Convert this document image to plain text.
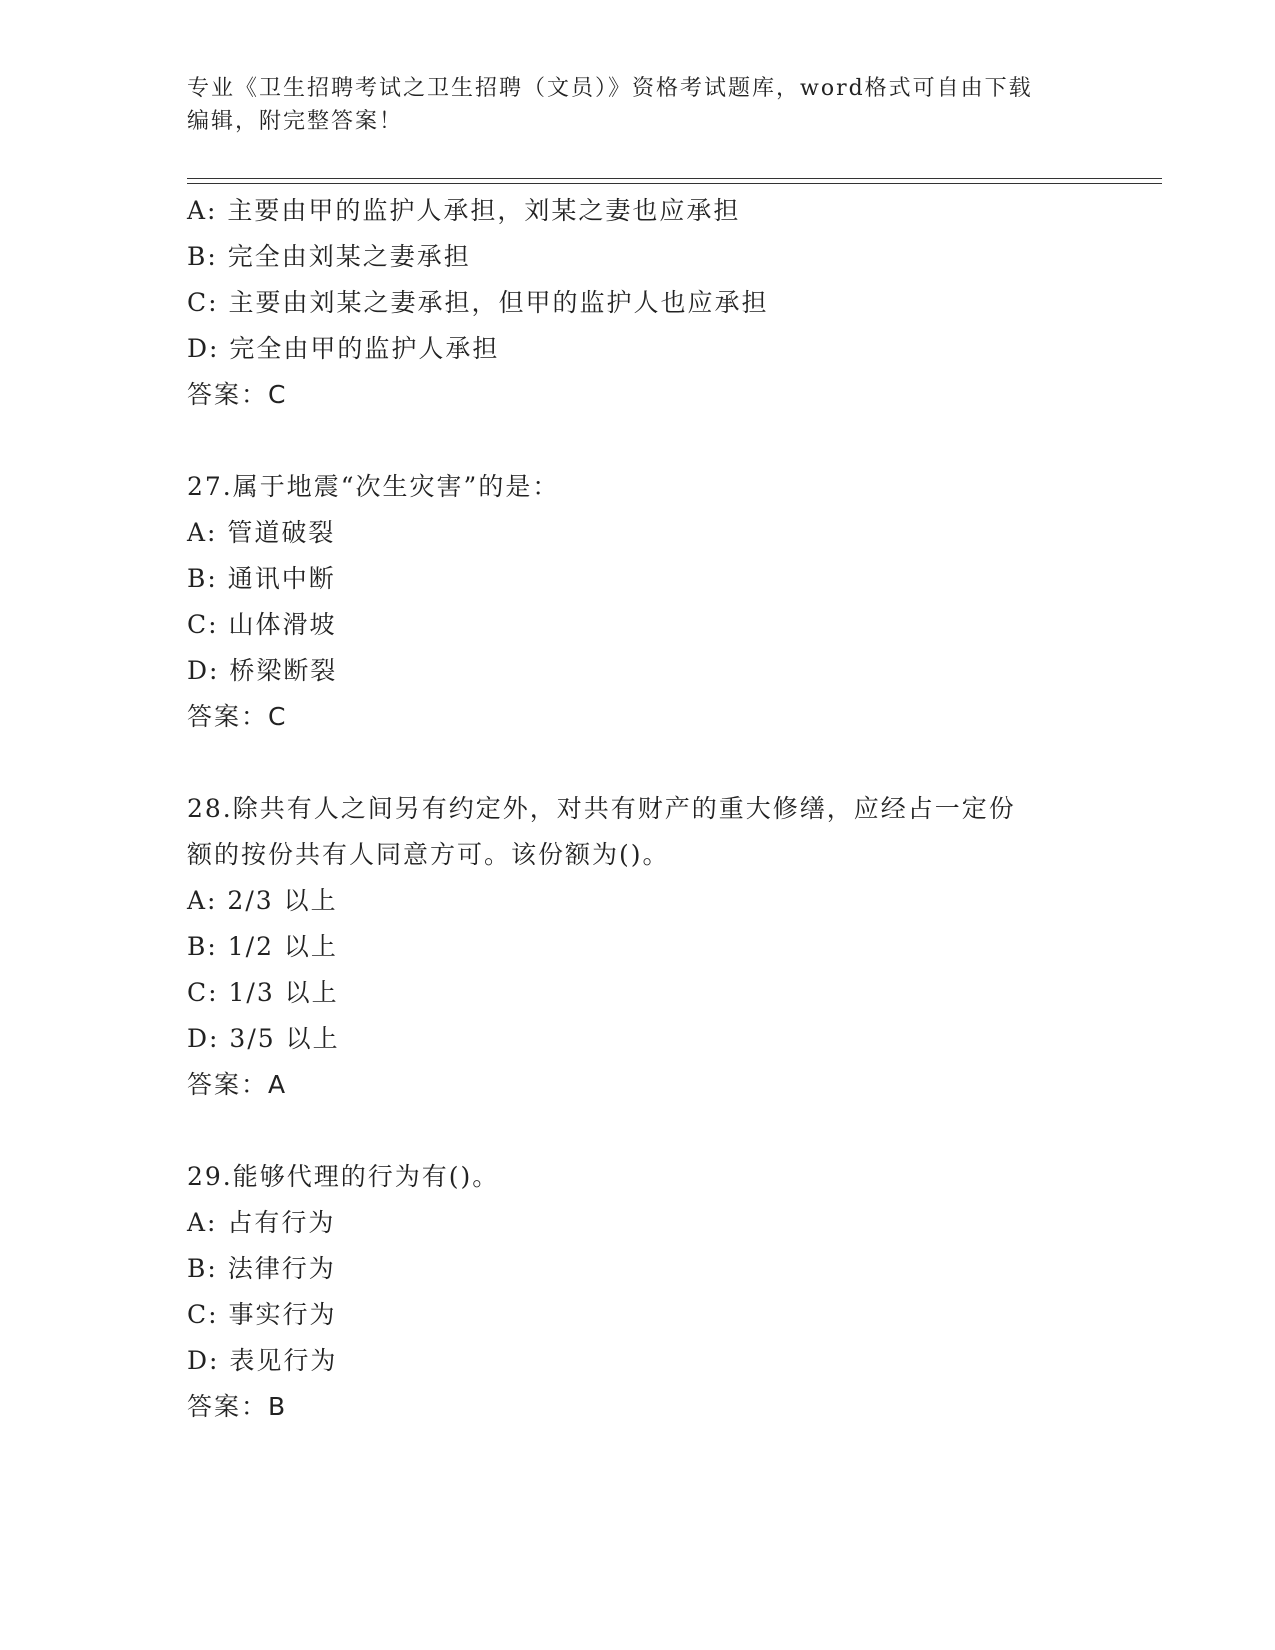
专业《卫生招聘考试之卫生招聘（文员）》资格考试题库，word格式可自由下载
编辑，附完整答案！
A: 主要由甲的监护人承担，刘某之妻也应承担
B: 完全由刘某之妻承担
C: 主要由刘某之妻承担，但甲的监护人也应承担
D: 完全由甲的监护人承担
答案：C
27.属于地震“次生灾害”的是：
A: 管道破裂
B: 通讯中断
C: 山体滑坡
D: 桥梁断裂
答案：C
28.除共有人之间另有约定外，对共有财产的重大修缮，应经占一定份
额的按份共有人同意方可。该份额为()。
A: 2/3 以上
B: 1/2 以上
C: 1/3 以上
D: 3/5 以上
答案：A
29.能够代理的行为有()。
A: 占有行为
B: 法律行为
C: 事实行为
D: 表见行为
答案：B
